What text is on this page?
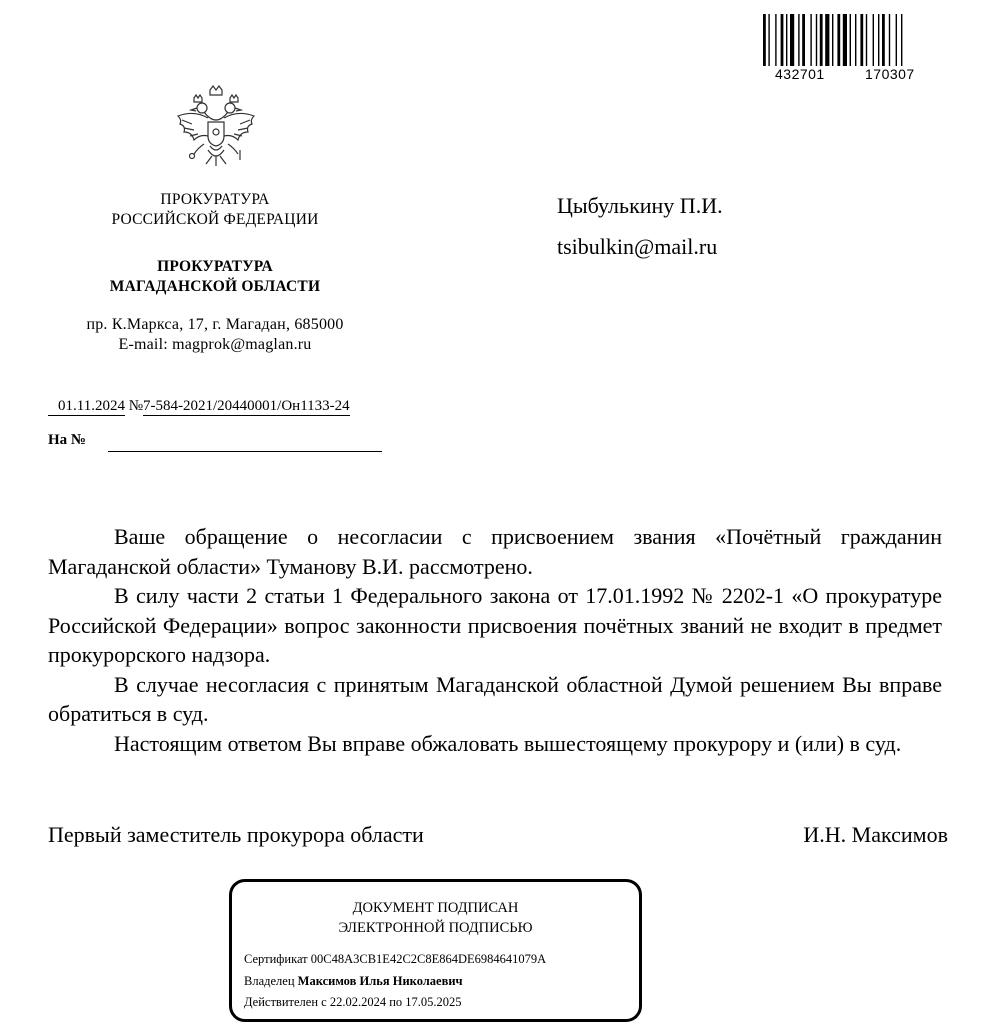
432701	170307
ПРОКУРАТУРА
РОССИЙСКОЙ ФЕДЕРАЦИИ
ПРОКУРАТУРА
МАГАДАНСКОЙ ОБЛАСТИ
пр. К.Маркса, 17, г. Магадан, 685000
E-mail: magprok@maglan.ru
01.11.2024 №7-584-2021/20440001/Он1133-24
На №
Цыбулькину П.И.
tsibulkin@mail.ru

Ваше обращение о несогласии с присвоением звания «Почётный гражданин Магаданской области» Туманову В.И. рассмотрено.

В силу части 2 статьи 1 Федерального закона от 17.01.1992 № 2202-1 «О прокуратуре Российской Федерации» вопрос законности присвоения почётных званий не входит в предмет прокурорского надзора.

В случае несогласия с принятым Магаданской областной Думой решением Вы вправе обратиться в суд.

Настоящим ответом Вы вправе обжаловать вышестоящему прокурору и (или) в суд.

Первый заместитель прокурора области	И.Н. Максимов
ДОКУМЕНТ ПОДПИСАН
ЭЛЕКТРОННОЙ ПОДПИСЬЮ
Сертификат 00C48A3CB1E42C2C8E864DE6984641079A
Владелец Максимов Илья Николаевич
Действителен с 22.02.2024 по 17.05.2025
